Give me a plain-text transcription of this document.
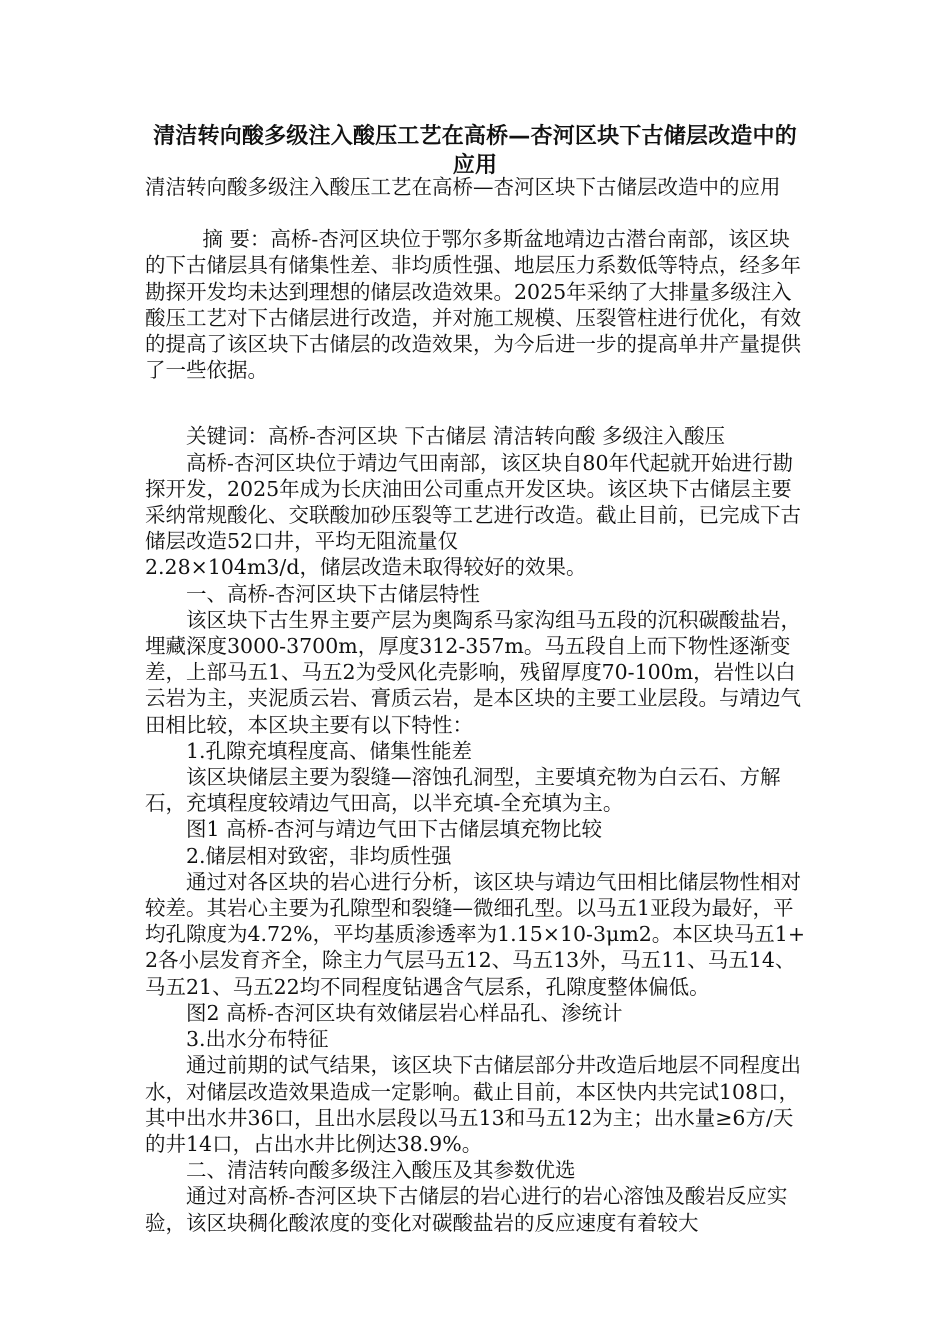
清洁转向酸多级注入酸压工艺在高桥—杏河区块下古储层改造中的应用

清洁转向酸多级注入酸压工艺在高桥—杏河区块下古储层改造中的应用

摘 要：高桥-杏河区块位于鄂尔多斯盆地靖边古潜台南部，该区块的下古储层具有储集性差、非均质性强、地层压力系数低等特点，经多年勘探开发均未达到理想的储层改造效果。2025年采纳了大排量多级注入酸压工艺对下古储层进行改造，并对施工规模、压裂管柱进行优化，有效的提高了该区块下古储层的改造效果，为今后进一步的提高单井产量提供了一些依据。

关键词：高桥-杏河区块 下古储层 清洁转向酸 多级注入酸压

高桥-杏河区块位于靖边气田南部，该区块自80年代起就开始进行勘探开发，2025年成为长庆油田公司重点开发区块。该区块下古储层主要采纳常规酸化、交联酸加砂压裂等工艺进行改造。截止目前，已完成下古储层改造52口井，平均无阻流量仅

2.28×104m3/d，储层改造未取得较好的效果。

一、高桥-杏河区块下古储层特性

该区块下古生界主要产层为奥陶系马家沟组马五段的沉积碳酸盐岩，埋藏深度3000-3700m，厚度312-357m。马五段自上而下物性逐渐变差，上部马五1、马五2为受风化壳影响，残留厚度70-100m，岩性以白云岩为主，夹泥质云岩、膏质云岩，是本区块的主要工业层段。与靖边气田相比较，本区块主要有以下特性：

1.孔隙充填程度高、储集性能差

该区块储层主要为裂缝—溶蚀孔洞型，主要填充物为白云石、方解石，充填程度较靖边气田高，以半充填-全充填为主。

图1 高桥-杏河与靖边气田下古储层填充物比较

2.储层相对致密，非均质性强

通过对各区块的岩心进行分析，该区块与靖边气田相比储层物性相对较差。其岩心主要为孔隙型和裂缝—微细孔型。以马五1亚段为最好，平均孔隙度为4.72%，平均基质渗透率为1.15×10-3μm2。本区块马五1+2各小层发育齐全，除主力气层马五12、马五13外，马五11、马五14、马五21、马五22均不同程度钻遇含气层系，孔隙度整体偏低。

图2 高桥-杏河区块有效储层岩心样品孔、渗统计

3.出水分布特征

通过前期的试气结果，该区块下古储层部分井改造后地层不同程度出水，对储层改造效果造成一定影响。截止目前，本区快内共完试108口，其中出水井36口，且出水层段以马五13和马五12为主；出水量≥6方/天的井14口，占出水井比例达38.9%。

二、清洁转向酸多级注入酸压及其参数优选

通过对高桥-杏河区块下古储层的岩心进行的岩心溶蚀及酸岩反应实验，该区块稠化酸浓度的变化对碳酸盐岩的反应速度有着较大
